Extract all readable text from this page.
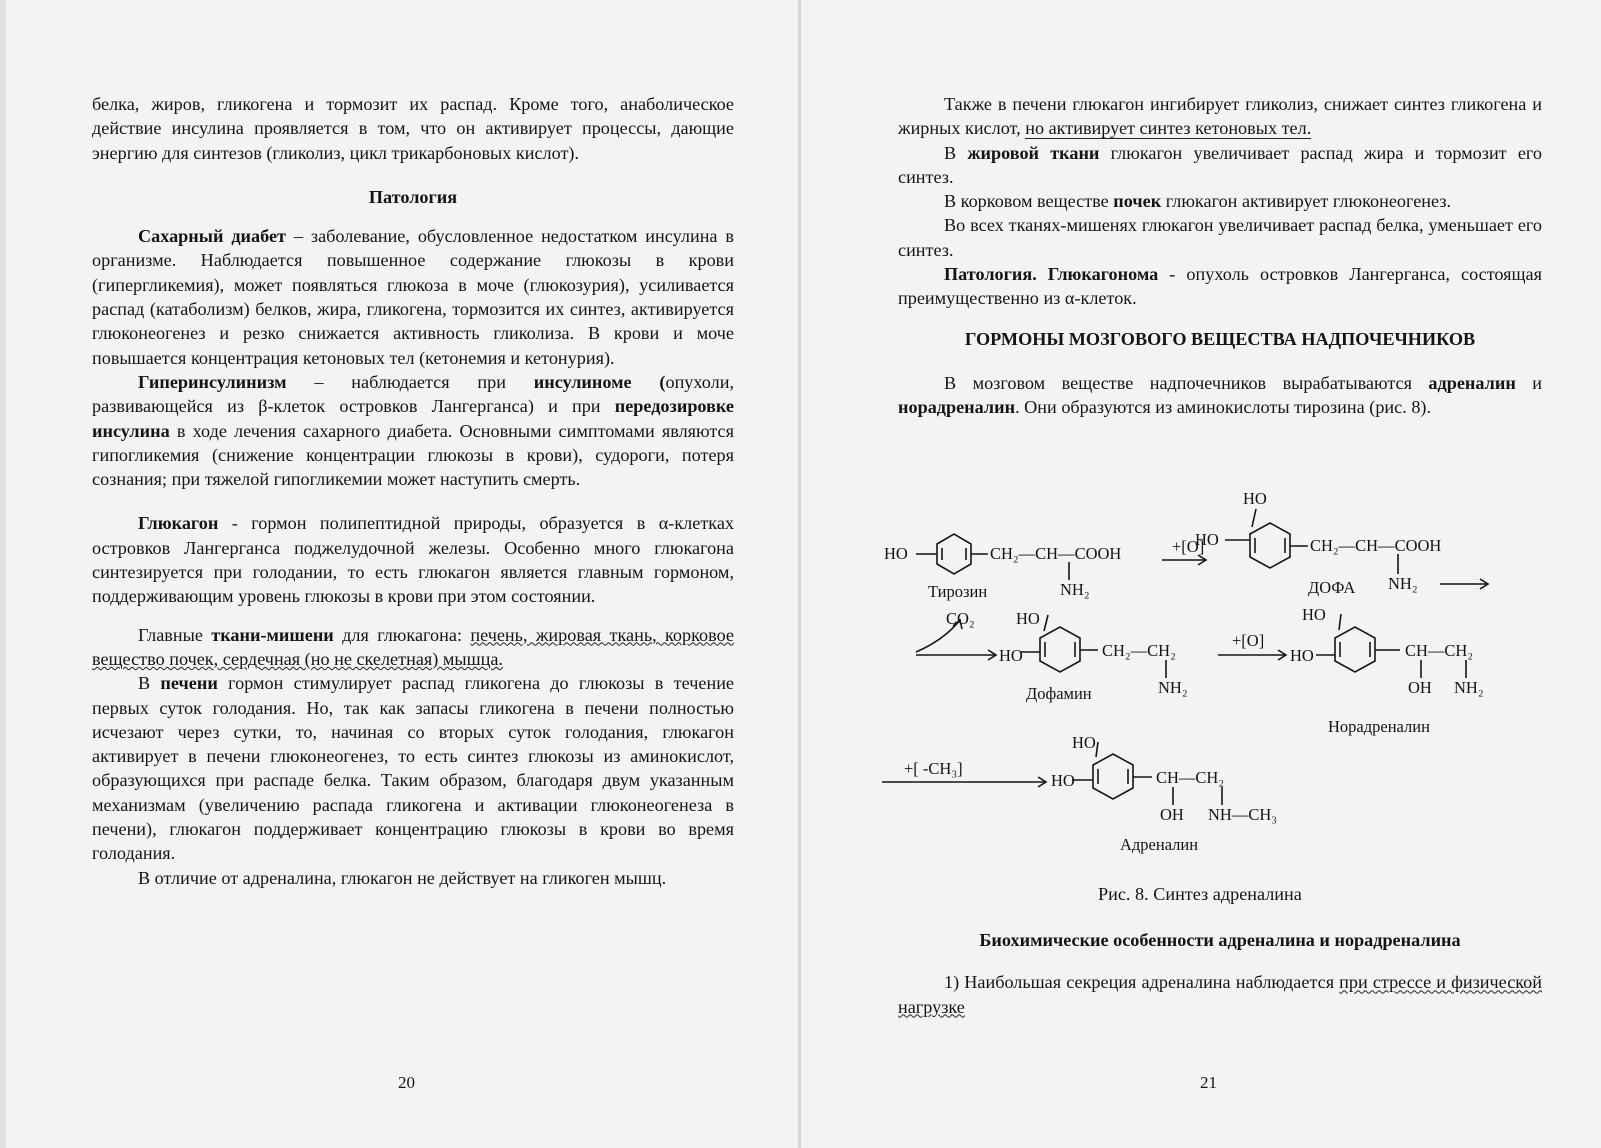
белка, жиров, гликогена и тормозит их распад. Кроме того, анаболическое действие инсулина проявляется в том, что он активирует процессы, дающие энергию для синтезов (гликолиз, цикл трикарбоновых кислот).

Патология

Сахарный диабет – заболевание, обусловленное недостатком инсулина в организме. Наблюдается повышенное содержание глюкозы в крови (гипергликемия), может появляться глюкоза в моче (глюкозурия), усиливается распад (катаболизм) белков, жира, гликогена, тормозится их синтез, активируется глюконеогенез и резко снижается активность гликолиза. В крови и моче повышается концентрация кетоновых тел (кетонемия и кетонурия).

Гиперинсулинизм – наблюдается при инсулиноме (опухоли, развивающейся из β-клеток островков Лангерганса) и при передозировке инсулина в ходе лечения сахарного диабета. Основными симптомами являются гипогликемия (снижение концентрации глюкозы в крови), судороги, потеря сознания; при тяжелой гипогликемии может наступить смерть.

Глюкагон - гормон полипептидной природы, образуется в α-клетках островков Лангерганса поджелудочной железы. Особенно много глюкагона синтезируется при голодании, то есть глюкагон является главным гормоном, поддерживающим уровень глюкозы в крови при этом состоянии.

Главные ткани-мишени для глюкагона: печень, жировая ткань, корковое вещество почек, сердечная (но не скелетная) мышца.

В печени гормон стимулирует распад гликогена до глюкозы в течение первых суток голодания. Но, так как запасы гликогена в печени полностью исчезают через сутки, то, начиная со вторых суток голодания, глюкагон активирует в печени глюконеогенез, то есть синтез глюкозы из аминокислот, образующихся при распаде белка. Таким образом, благодаря двум указанным механизмам (увеличению распада гликогена и активации глюконеогенеза в печени), глюкагон поддерживает концентрацию глюкозы в крови во время голодания.

В отличие от адреналина, глюкагон не действует на гликоген мышц.

20

Также в печени глюкагон ингибирует гликолиз, снижает синтез гликогена и жирных кислот, но активирует синтез кетоновых тел.

В жировой ткани глюкагон увеличивает распад жира и тормозит его синтез.

В корковом веществе почек глюкагон активирует глюконеогенез.

Во всех тканях-мишенях глюкагон увеличивает распад белка, уменьшает его синтез.

Патология. Глюкагонома - опухоль островков Лангерганса, состоящая преимущественно из α-клеток.

ГОРМОНЫ МОЗГОВОГО ВЕЩЕСТВА НАДПОЧЕЧНИКОВ

В мозговом веществе надпочечников вырабатываются адреналин и норадреналин. Они образуются из аминокислоты тирозина (рис. 8).

HO	CH₂—CH—COOH
NH₂
Тирозин
+[O]
HO
HO	CH₂—CH—COOH
NH₂
ДОФА
CO₂	HO
HO	CH₂—CH₂
NH₂
Дофамин
+[O]
HO
HO	CH—CH₂
OH NH₂
Норадреналин
+[ -CH₃]
HO
HO	CH—CH₂
OH NH—CH₃
Адреналин
Рис. 8. Синтез адреналина
Биохимические особенности адреналина и норадреналина

1) Наибольшая секреция адреналина наблюдается при стрессе и физической нагрузке

21
